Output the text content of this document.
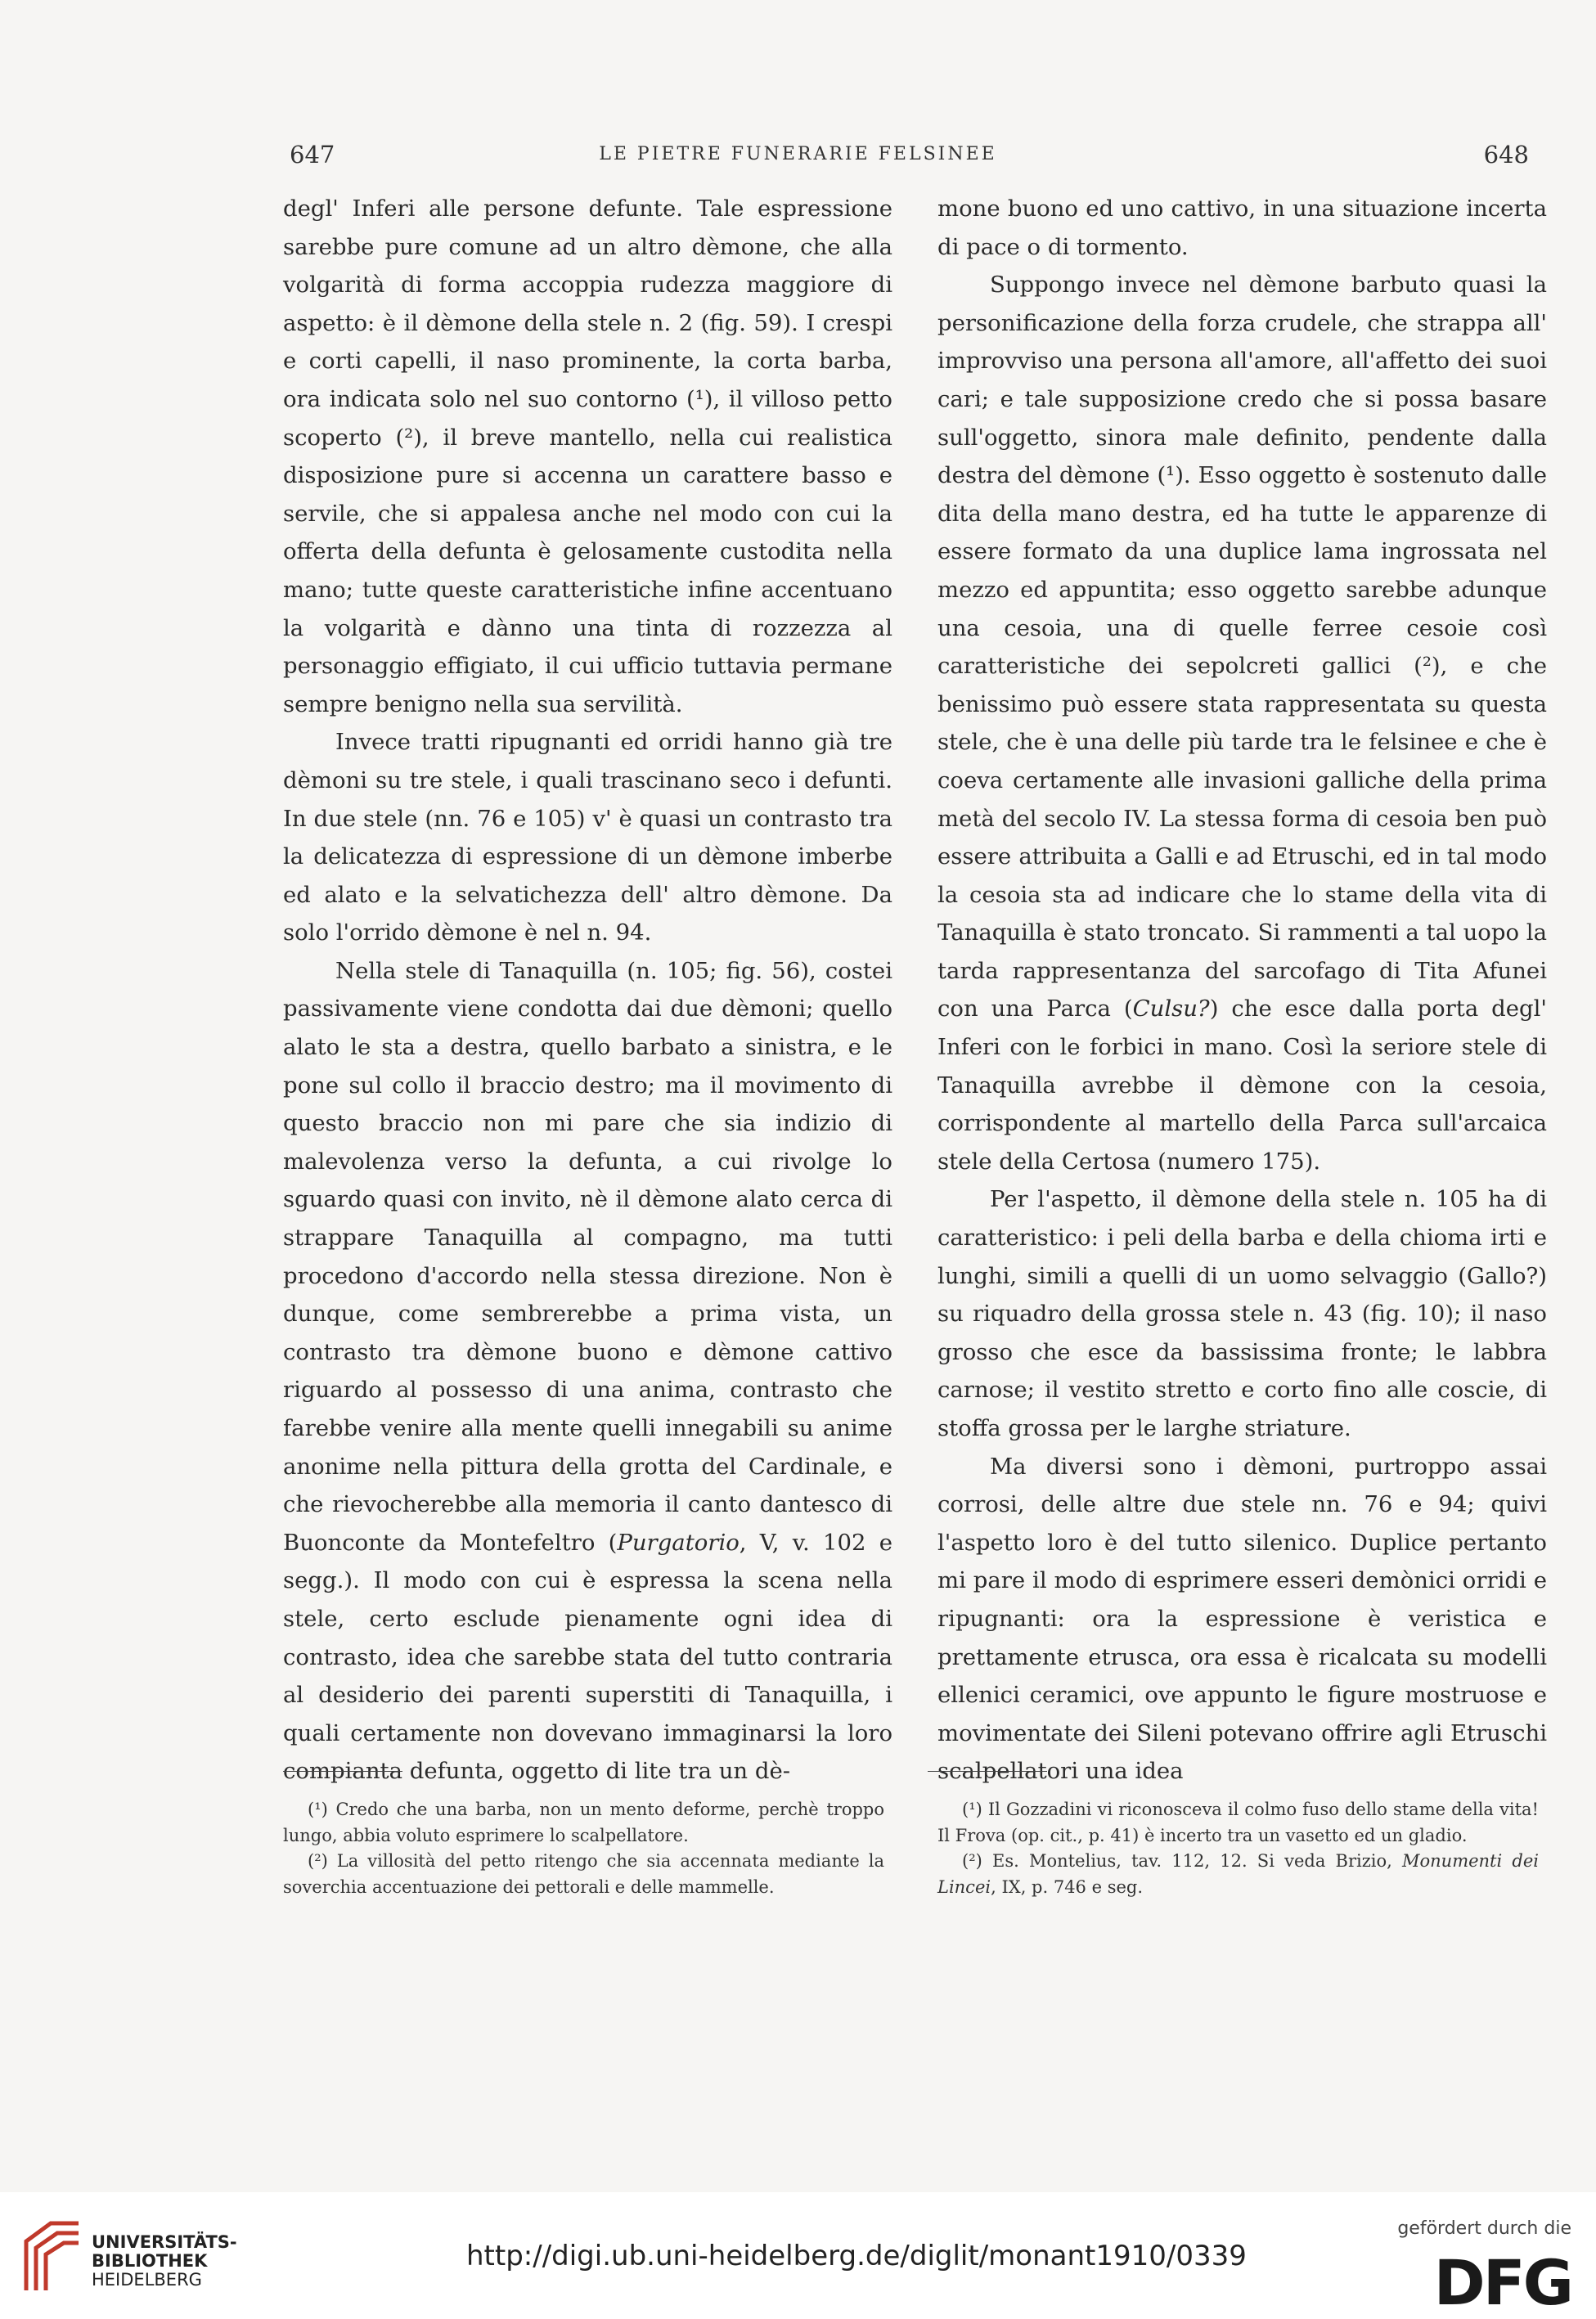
647	LE PIETRE FUNERARIE FELSINEE	648

degl' Inferi alle persone defunte. Tale espressione sarebbe pure comune ad un altro dèmone, che alla volgarità di forma accoppia rudezza maggiore di aspetto: è il dèmone della stele n. 2 (fig. 59). I crespi e corti capelli, il naso prominente, la corta barba, ora indicata solo nel suo contorno (¹), il villoso petto scoperto (²), il breve mantello, nella cui realistica disposizione pure si accenna un carattere basso e servile, che si appalesa anche nel modo con cui la offerta della defunta è gelosamente custodita nella mano; tutte queste caratteristiche infine accentuano la volgarità e dànno una tinta di rozzezza al personaggio effigiato, il cui ufficio tuttavia permane sempre benigno nella sua servilità.

Invece tratti ripugnanti ed orridi hanno già tre dèmoni su tre stele, i quali trascinano seco i defunti. In due stele (nn. 76 e 105) v' è quasi un contrasto tra la delicatezza di espressione di un dèmone imberbe ed alato e la selvatichezza dell' altro dèmone. Da solo l'orrido dèmone è nel n. 94.

Nella stele di Tanaquilla (n. 105; fig. 56), costei passivamente viene condotta dai due dèmoni; quello alato le sta a destra, quello barbato a sinistra, e le pone sul collo il braccio destro; ma il movimento di questo braccio non mi pare che sia indizio di malevolenza verso la defunta, a cui rivolge lo sguardo quasi con invito, nè il dèmone alato cerca di strappare Tanaquilla al compagno, ma tutti procedono d'accordo nella stessa direzione. Non è dunque, come sembrerebbe a prima vista, un contrasto tra dèmone buono e dèmone cattivo riguardo al possesso di una anima, contrasto che farebbe venire alla mente quelli innegabili su anime anonime nella pittura della grotta del Cardinale, e che rievocherebbe alla memoria il canto dantesco di Buonconte da Montefeltro (Purgatorio, V, v. 102 e segg.). Il modo con cui è espressa la scena nella stele, certo esclude pienamente ogni idea di contrasto, idea che sarebbe stata del tutto contraria al desiderio dei parenti superstiti di Tanaquilla, i quali certamente non dovevano immaginarsi la loro compianta defunta, oggetto di lite tra un dè-

mone buono ed uno cattivo, in una situazione incerta di pace o di tormento.

Suppongo invece nel dèmone barbuto quasi la personificazione della forza crudele, che strappa all' improvviso una persona all'amore, all'affetto dei suoi cari; e tale supposizione credo che si possa basare sull'oggetto, sinora male definito, pendente dalla destra del dèmone (¹). Esso oggetto è sostenuto dalle dita della mano destra, ed ha tutte le apparenze di essere formato da una duplice lama ingrossata nel mezzo ed appuntita; esso oggetto sarebbe adunque una cesoia, una di quelle ferree cesoie così caratteristiche dei sepolcreti gallici (²), e che benissimo può essere stata rappresentata su questa stele, che è una delle più tarde tra le felsinee e che è coeva certamente alle invasioni galliche della prima metà del secolo IV. La stessa forma di cesoia ben può essere attribuita a Galli e ad Etruschi, ed in tal modo la cesoia sta ad indicare che lo stame della vita di Tanaquilla è stato troncato. Si rammenti a tal uopo la tarda rappresentanza del sarcofago di Tita Afunei con una Parca (Culsu?) che esce dalla porta degl' Inferi con le forbici in mano. Così la seriore stele di Tanaquilla avrebbe il dèmone con la cesoia, corrispondente al martello della Parca sull'arcaica stele della Certosa (numero 175).

Per l'aspetto, il dèmone della stele n. 105 ha di caratteristico: i peli della barba e della chioma irti e lunghi, simili a quelli di un uomo selvaggio (Gallo?) su riquadro della grossa stele n. 43 (fig. 10); il naso grosso che esce da bassissima fronte; le labbra carnose; il vestito stretto e corto fino alle coscie, di stoffa grossa per le larghe striature.

Ma diversi sono i dèmoni, purtroppo assai corrosi, delle altre due stele nn. 76 e 94; quivi l'aspetto loro è del tutto silenico. Duplice pertanto mi pare il modo di esprimere esseri demònici orridi e ripugnanti: ora la espressione è veristica e prettamente etrusca, ora essa è ricalcata su modelli ellenici ceramici, ove appunto le figure mostruose e movimentate dei Sileni potevano offrire agli Etruschi scalpellatori una idea

(¹) Credo che una barba, non un mento deforme, perchè troppo lungo, abbia voluto esprimere lo scalpellatore.

(²) La villosità del petto ritengo che sia accennata mediante la soverchia accentuazione dei pettorali e delle mammelle.

(¹) Il Gozzadini vi riconosceva il colmo fuso dello stame della vita! Il Frova (op. cit., p. 41) è incerto tra un vasetto ed un gladio.

(²) Es. Montelius, tav. 112, 12. Si veda Brizio, Monumenti dei Lincei, IX, p. 746 e seg.

UNIVERSITÄTS-
BIBLIOTHEK
HEIDELBERG
http://digi.ub.uni-heidelberg.de/diglit/monant1910/0339
gefördert durch die
DFG
